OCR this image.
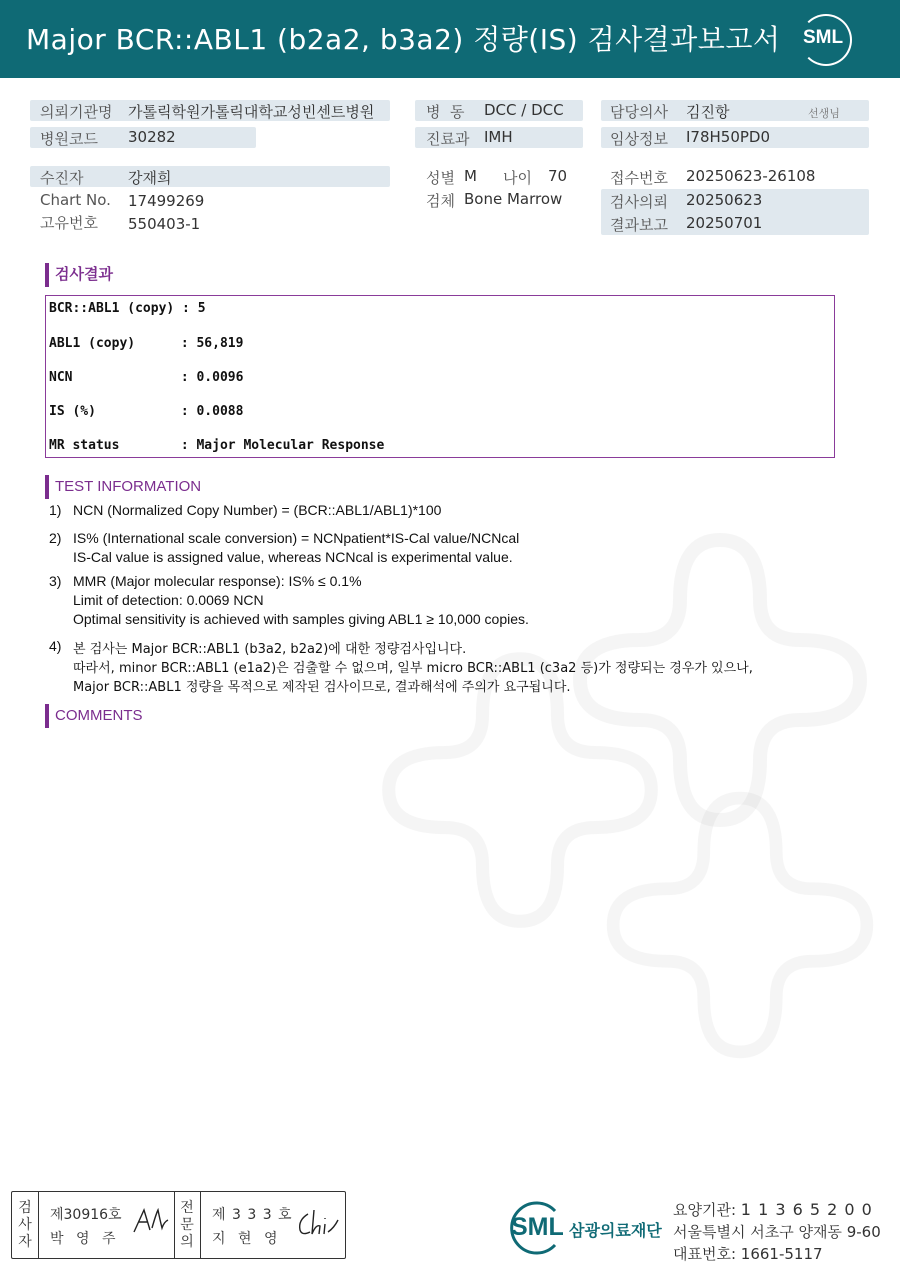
Major BCR::ABL1 (b2a2, b3a2) 정량(IS) 검사결과보고서 SML
의뢰기관명 가톨릭학원가톨릭대학교성빈센트병원
병원코드 30282
병  동 DCC / DCC
진료과 IMH
담당의사 김진항	선생님
임상정보 I78H50PD0
수진자	강재희
Chart No. 17499269
고유번호 550403-1
성별 M 나이 70
검체 Bone Marrow
접수번호 20250623-26108
검사의뢰 20250623
결과보고 20250701
검사결과
BCR::ABL1 (copy) : 5
ABL1 (copy)	: 56,819
NCN	: 0.0096
IS (%)	: 0.0088
MR status	: Major Molecular Response
TEST INFORMATION
1) NCN (Normalized Copy Number) = (BCR::ABL1/ABL1)*100
2) IS% (International scale conversion) = NCNpatient*IS-Cal value/NCNcal
IS-Cal value is assigned value, whereas NCNcal is experimental value.
3) MMR (Major molecular response): IS% ≤ 0.1%
Limit of detection: 0.0069 NCN
Optimal sensitivity is achieved with samples giving ABL1 ≥ 10,000 copies.
4) 본 검사는 Major BCR::ABL1 (b3a2, b2a2)에 대한 정량검사입니다.
따라서, minor BCR::ABL1 (e1a2)은 검출할 수 없으며, 일부 micro BCR::ABL1 (c3a2 등)가 정량되는 경우가 있으나,
Major BCR::ABL1 정량을 목적으로 제작된 검사이므로, 결과해석에 주의가 요구됩니다.
COMMENTS
검
사
자
제30916호
박 영 주
전
문
의
제 3 3 3 호
지 현 영	SML 삼광의료재단
요양기관: 1 1 3 6 5 2 0 0
서울특별시 서초구 양재동 9-60
대표번호: 1661-5117
